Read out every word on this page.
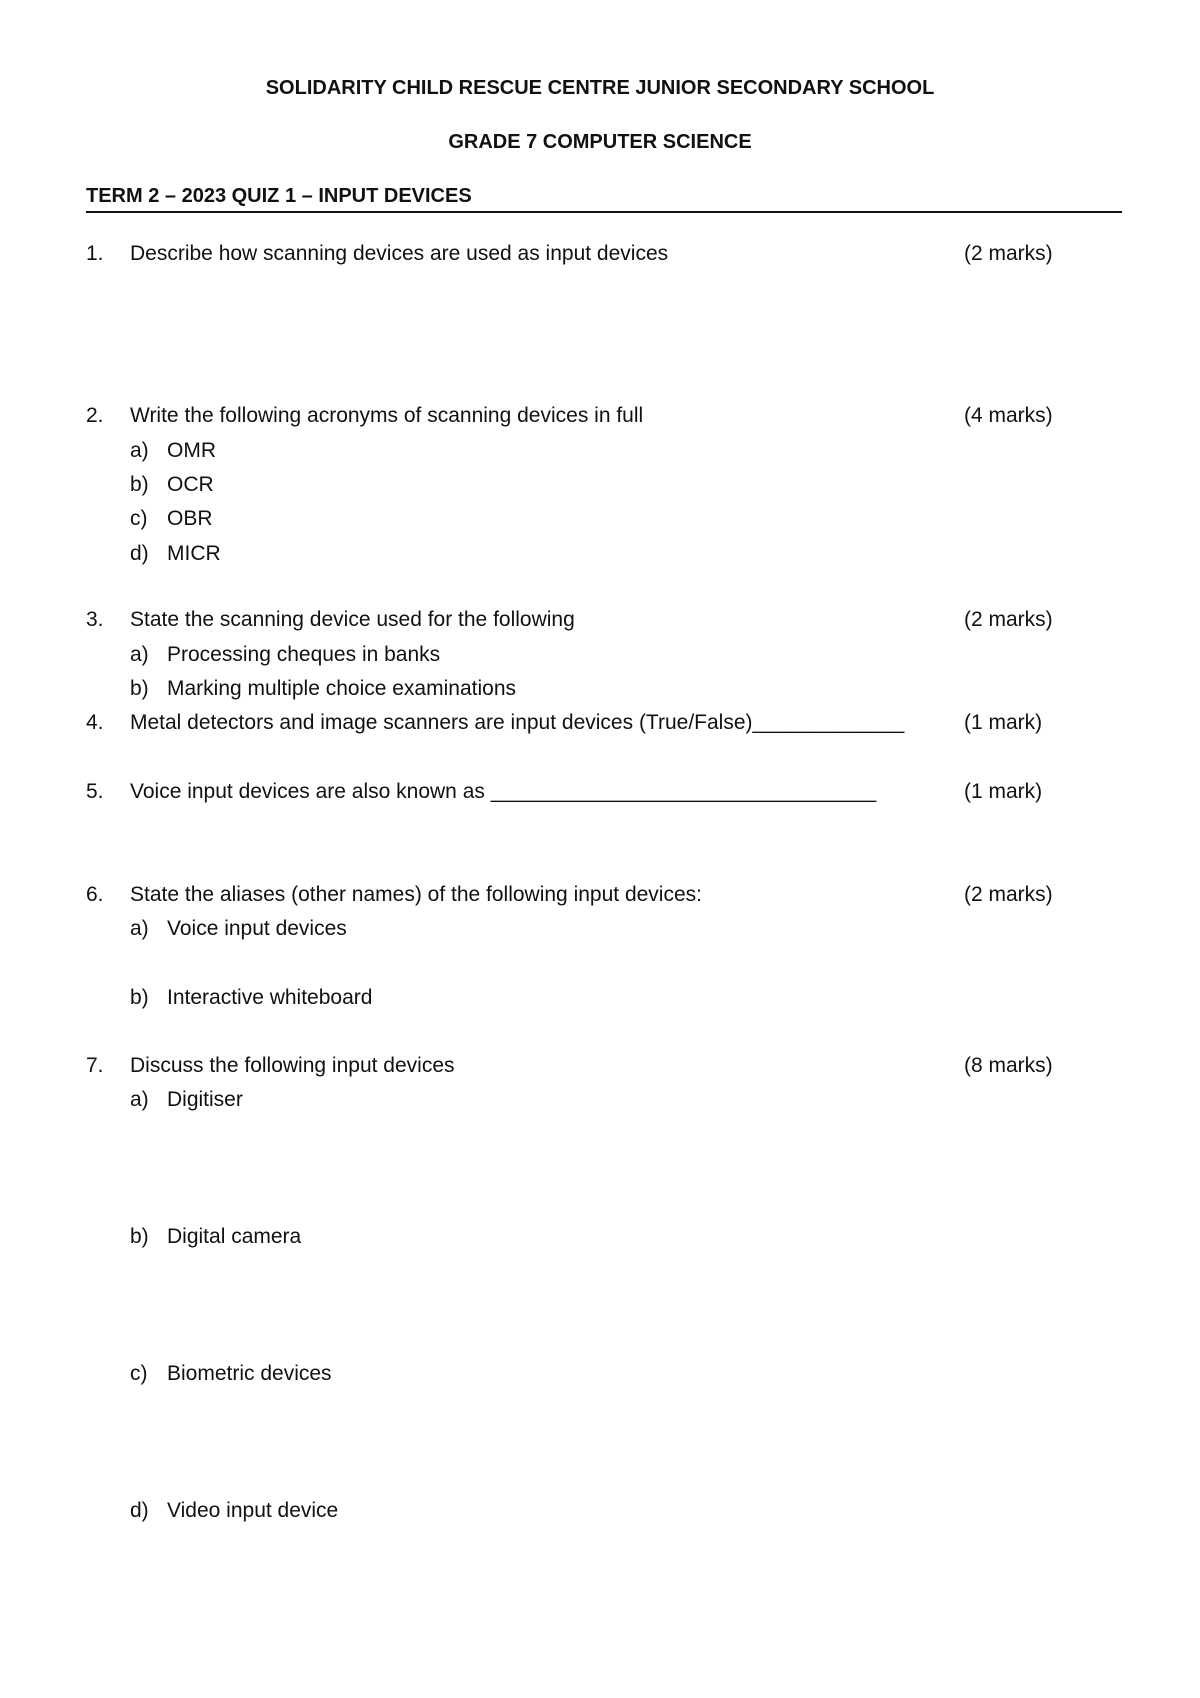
SOLIDARITY CHILD RESCUE CENTRE JUNIOR SECONDARY SCHOOL
GRADE 7 COMPUTER SCIENCE
TERM 2 – 2023 QUIZ 1 – INPUT DEVICES
1. Describe how scanning devices are used as input devices	(2 marks)
2. Write the following acronyms of scanning devices in full	(4 marks)
a) OMR
b) OCR
c) OBR
d) MICR
3. State the scanning device used for the following	(2 marks)
a) Processing cheques in banks
b) Marking multiple choice examinations
4. Metal detectors and image scanners are input devices (True/False)_____________	(1 mark)
5. Voice input devices are also known as _________________________________	(1 mark)
6. State the aliases (other names) of the following input devices:	(2 marks)
a) Voice input devices
b) Interactive whiteboard
7. Discuss the following input devices	(8 marks)
a) Digitiser
b) Digital camera
c) Biometric devices
d) Video input device
